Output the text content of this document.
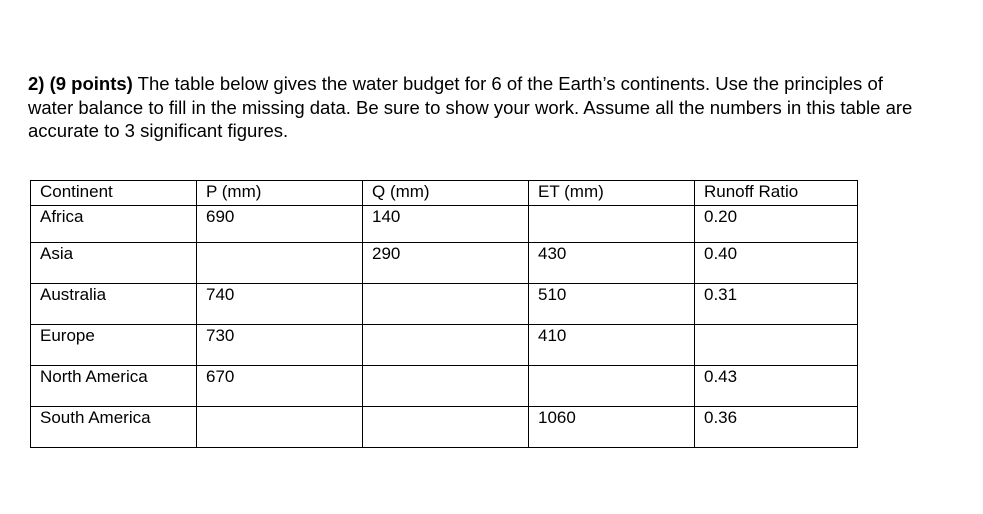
2) (9 points) The table below gives the water budget for 6 of the Earth’s continents. Use the principles of water balance to fill in the missing data. Be sure to show your work. Assume all the numbers in this table are accurate to 3 significant figures.
Continent	P (mm)	Q (mm)	ET (mm)	Runoff Ratio
Africa	690	140		0.20
Asia		290	430	0.40
Australia	740		510	0.31
Europe	730		410	
North America	670			0.43
South America			1060	0.36
